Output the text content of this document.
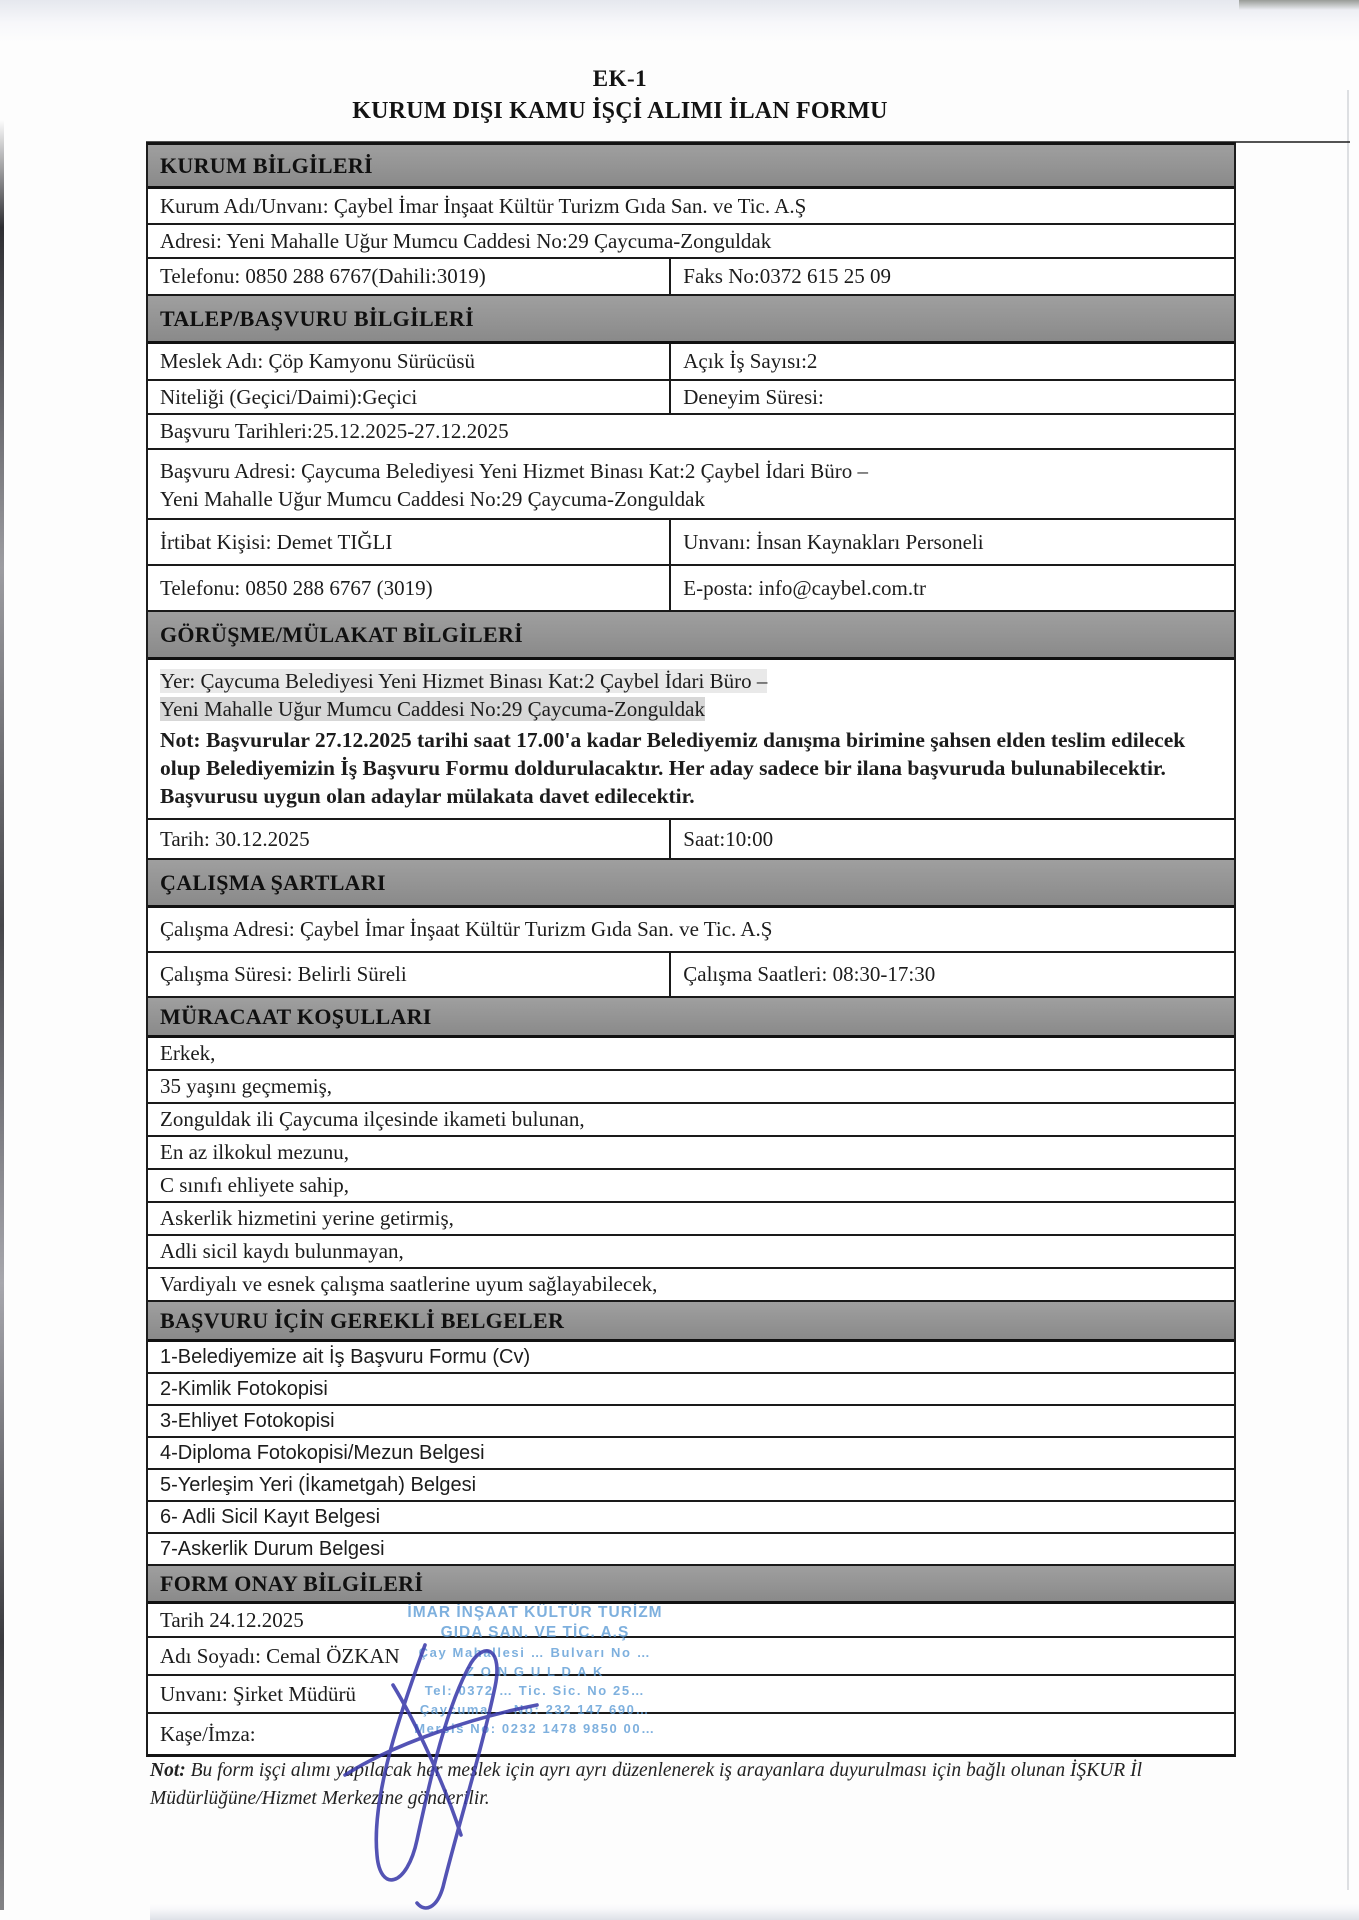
EK-1
KURUM DIŞI KAMU İŞÇİ ALIMI İLAN FORMU
KURUM BİLGİLERİ
Kurum Adı/Unvanı: Çaybel İmar İnşaat Kültür Turizm Gıda San. ve Tic. A.Ş
Adresi: Yeni Mahalle Uğur Mumcu Caddesi No:29 Çaycuma-Zonguldak
Telefonu: 0850 288 6767(Dahili:3019)	Faks No:0372 615 25 09
TALEP/BAŞVURU BİLGİLERİ
Meslek Adı: Çöp Kamyonu Sürücüsü	Açık İş Sayısı:2
Niteliği (Geçici/Daimi):Geçici	Deneyim Süresi:
Başvuru Tarihleri:25.12.2025-27.12.2025
Başvuru Adresi: Çaycuma Belediyesi Yeni Hizmet Binası Kat:2 Çaybel İdari Büro –
Yeni Mahalle Uğur Mumcu Caddesi No:29 Çaycuma-Zonguldak
İrtibat Kişisi: Demet TIĞLI	Unvanı: İnsan Kaynakları Personeli
Telefonu: 0850 288 6767 (3019)	E-posta: info@caybel.com.tr
GÖRÜŞME/MÜLAKAT BİLGİLERİ
Yer: Çaycuma Belediyesi Yeni Hizmet Binası Kat:2 Çaybel İdari Büro –
Yeni Mahalle Uğur Mumcu Caddesi No:29 Çaycuma-Zonguldak
Not: Başvurular 27.12.2025 tarihi saat 17.00'a kadar Belediyemiz danışma birimine şahsen elden teslim edilecek olup Belediyemizin İş Başvuru Formu doldurulacaktır. Her aday sadece bir ilana başvuruda bulunabilecektir. Başvurusu uygun olan adaylar mülakata davet edilecektir.
Tarih: 30.12.2025	Saat:10:00
ÇALIŞMA ŞARTLARI
Çalışma Adresi: Çaybel İmar İnşaat Kültür Turizm Gıda San. ve Tic. A.Ş
Çalışma Süresi: Belirli Süreli	Çalışma Saatleri: 08:30-17:30
MÜRACAAT KOŞULLARI
Erkek,
35 yaşını geçmemiş,
Zonguldak ili Çaycuma ilçesinde ikameti bulunan,
En az ilkokul mezunu,
C sınıfı ehliyete sahip,
Askerlik hizmetini yerine getirmiş,
Adli sicil kaydı bulunmayan,
Vardiyalı ve esnek çalışma saatlerine uyum sağlayabilecek,
BAŞVURU İÇİN GEREKLİ BELGELER
1-Belediyemize ait İş Başvuru Formu (Cv)
2-Kimlik Fotokopisi
3-Ehliyet Fotokopisi
4-Diploma Fotokopisi/Mezun Belgesi
5-Yerleşim Yeri (İkametgah) Belgesi
6- Adli Sicil Kayıt Belgesi
7-Askerlik Durum Belgesi
FORM ONAY BİLGİLERİ
Tarih 24.12.2025
Adı Soyadı: Cemal ÖZKAN
Unvanı: Şirket Müdürü
Kaşe/İmza:
Not: Bu form işçi alımı yapılacak her meslek için ayrı ayrı düzenlenerek iş arayanlara duyurulması için bağlı olunan İŞKUR İl Müdürlüğüne/Hizmet Merkezine gönderilir.
İMAR İNŞAAT KÜLTÜR TURİZM
GIDA SAN. VE TİC. A.Ş
Çay Mahallesi … Bulvarı No …
Z O N G U L D A K
Tel: 0372 … Tic. Sic. No 25…
Çaycuma … No: 232 147 690…
Mersis No: 0232 1478 9850 00…
